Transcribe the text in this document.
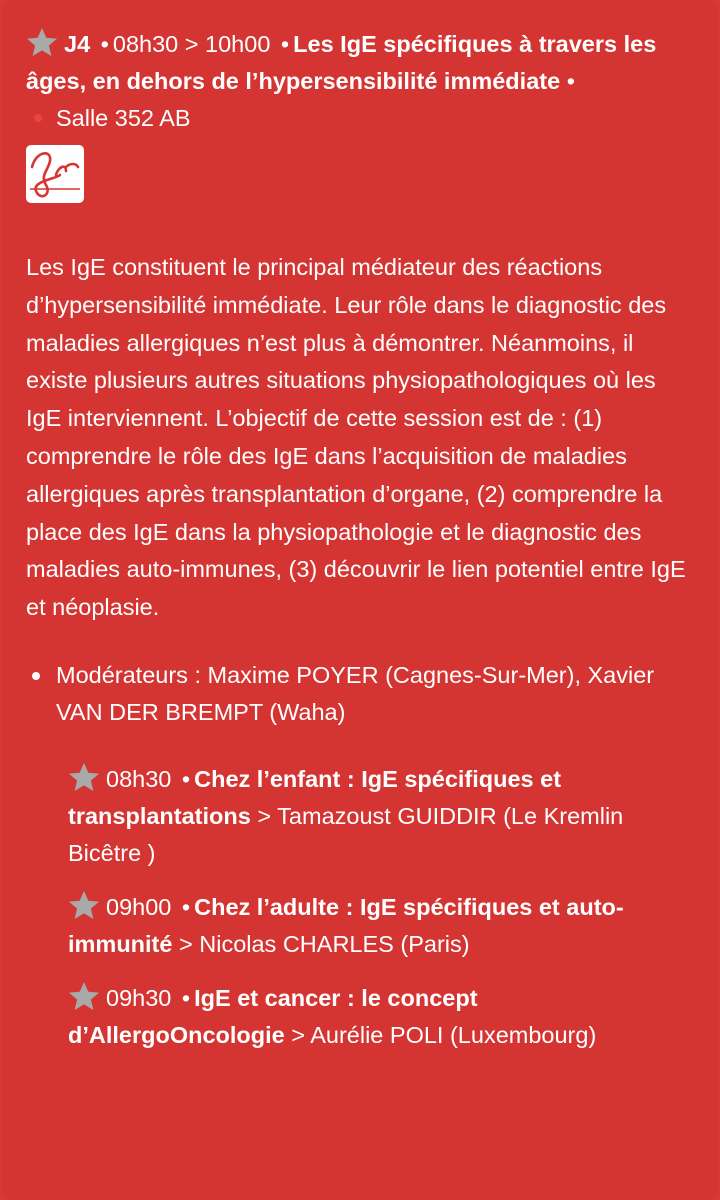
J4 • 08h30 > 10h00 • Les IgE spécifiques à travers les âges, en dehors de l’hypersensibilité immédiate •
Salle 352 AB

Les IgE constituent le principal médiateur des réactions d’hypersensibilité immédiate. Leur rôle dans le diagnostic des maladies allergiques n’est plus à démontrer. Néanmoins, il existe plusieurs autres situations physiopathologiques où les IgE interviennent. L’objectif de cette session est de : (1) comprendre le rôle des IgE dans l’acquisition de maladies allergiques après transplantation d’organe, (2) comprendre la place des IgE dans la physiopathologie et le diagnostic des maladies auto-immunes, (3) découvrir le lien potentiel entre IgE et néoplasie.
Modérateurs : Maxime POYER (Cagnes-Sur-Mer), Xavier VAN DER BREMPT (Waha)
08h30 • Chez l’enfant : IgE spécifiques et transplantations > Tamazoust GUIDDIR (Le Kremlin Bicêtre )
09h00 • Chez l’adulte : IgE spécifiques et auto-immunité > Nicolas CHARLES (Paris)
09h30 • IgE et cancer : le concept d’AllergoOncologie > Aurélie POLI (Luxembourg)
